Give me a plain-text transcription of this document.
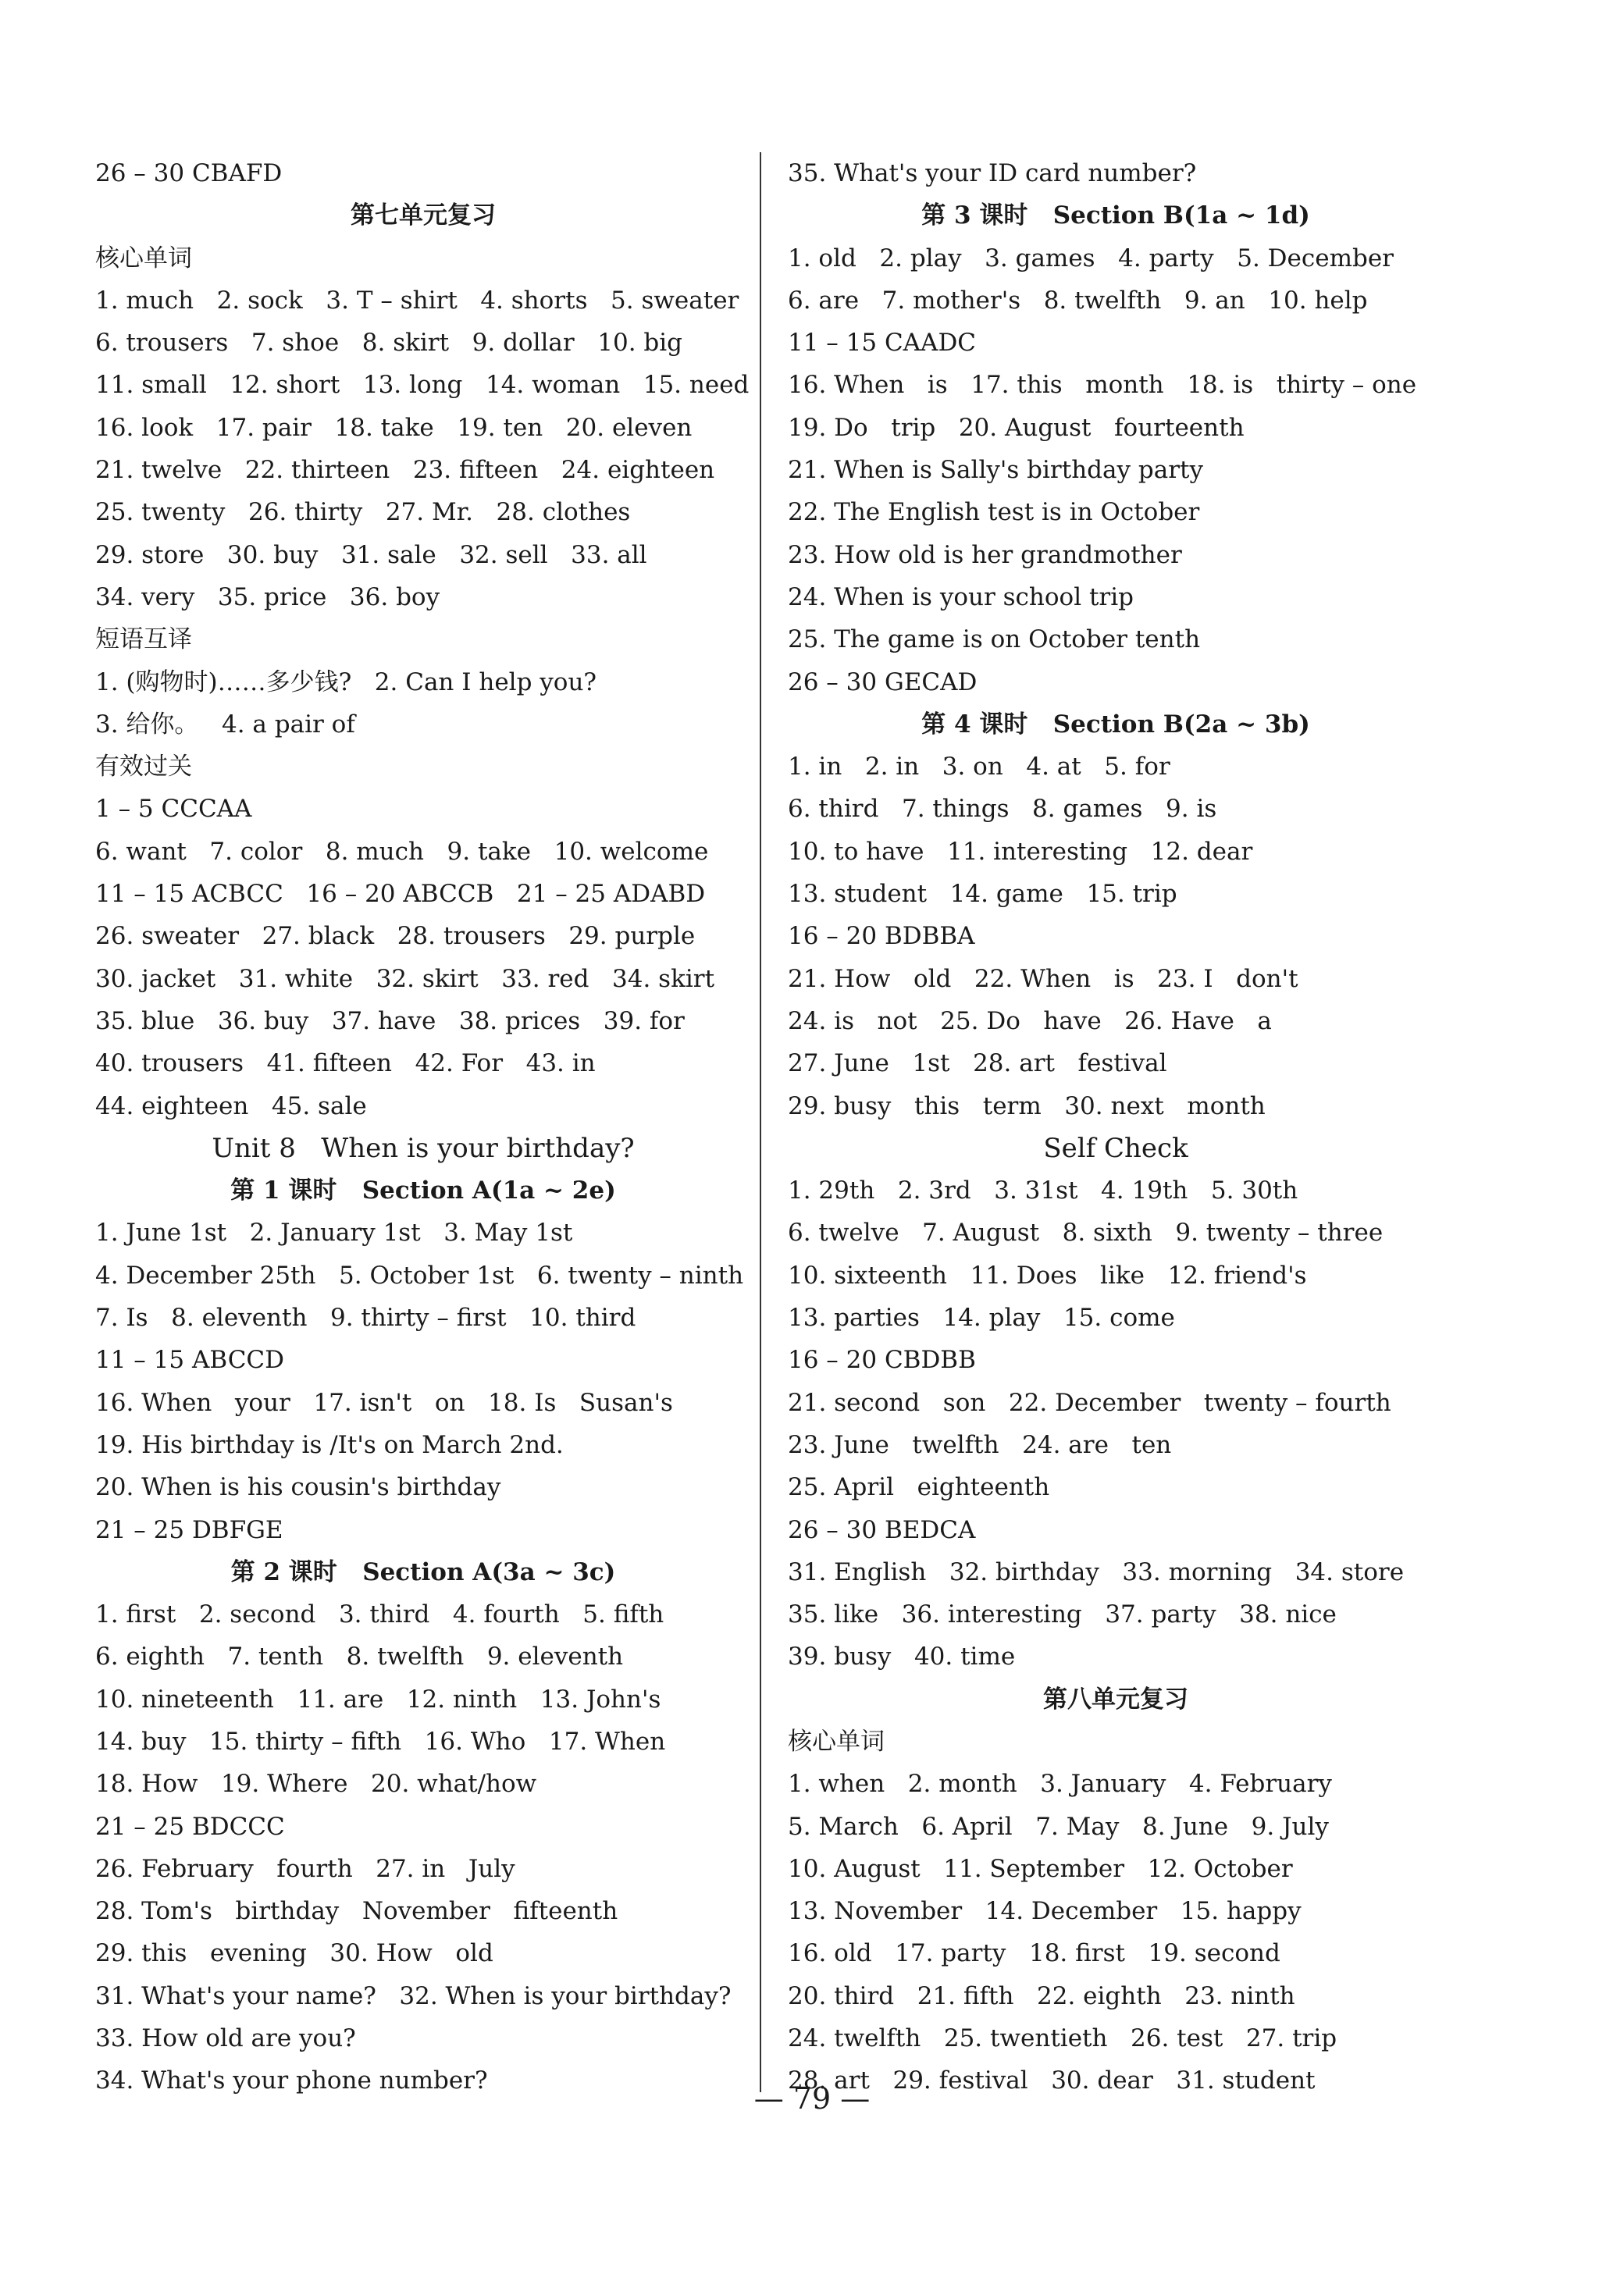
26 – 30 CBAFD
第七单元复习
核心单词
1. much   2. sock   3. T – shirt   4. shorts   5. sweater
6. trousers   7. shoe   8. skirt   9. dollar   10. big
11. small   12. short   13. long   14. woman   15. need
16. look   17. pair   18. take   19. ten   20. eleven
21. twelve   22. thirteen   23. fifteen   24. eighteen
25. twenty   26. thirty   27. Mr.   28. clothes
29. store   30. buy   31. sale   32. sell   33. all
34. very   35. price   36. boy
短语互译
1. (购物时)……多少钱?   2. Can I help you?
3. 给你。   4. a pair of
有效过关
1 – 5 CCCAA
6. want   7. color   8. much   9. take   10. welcome
11 – 15 ACBCC   16 – 20 ABCCB   21 – 25 ADABD
26. sweater   27. black   28. trousers   29. purple
30. jacket   31. white   32. skirt   33. red   34. skirt
35. blue   36. buy   37. have   38. prices   39. for
40. trousers   41. fifteen   42. For   43. in
44. eighteen   45. sale
Unit 8   When is your birthday?
第 1 课时   Section A(1a ~ 2e)
1. June 1st   2. January 1st   3. May 1st
4. December 25th   5. October 1st   6. twenty – ninth
7. Is   8. eleventh   9. thirty – first   10. third
11 – 15 ABCCD
16. When   your   17. isn't   on   18. Is   Susan's
19. His birthday is /It's on March 2nd.
20. When is his cousin's birthday
21 – 25 DBFGE
第 2 课时   Section A(3a ~ 3c)
1. first   2. second   3. third   4. fourth   5. fifth
6. eighth   7. tenth   8. twelfth   9. eleventh
10. nineteenth   11. are   12. ninth   13. John's
14. buy   15. thirty – fifth   16. Who   17. When
18. How   19. Where   20. what/how
21 – 25 BDCCC
26. February   fourth   27. in   July
28. Tom's   birthday   November   fifteenth
29. this   evening   30. How   old
31. What's your name?   32. When is your birthday?
33. How old are you?
34. What's your phone number?
35. What's your ID card number?
第 3 课时   Section B(1a ~ 1d)
1. old   2. play   3. games   4. party   5. December
6. are   7. mother's   8. twelfth   9. an   10. help
11 – 15 CAADC
16. When   is   17. this   month   18. is   thirty – one
19. Do   trip   20. August   fourteenth
21. When is Sally's birthday party
22. The English test is in October
23. How old is her grandmother
24. When is your school trip
25. The game is on October tenth
26 – 30 GECAD
第 4 课时   Section B(2a ~ 3b)
1. in   2. in   3. on   4. at   5. for
6. third   7. things   8. games   9. is
10. to have   11. interesting   12. dear
13. student   14. game   15. trip
16 – 20 BDBBA
21. How   old   22. When   is   23. I   don't
24. is   not   25. Do   have   26. Have   a
27. June   1st   28. art   festival
29. busy   this   term   30. next   month
Self Check
1. 29th   2. 3rd   3. 31st   4. 19th   5. 30th
6. twelve   7. August   8. sixth   9. twenty – three
10. sixteenth   11. Does   like   12. friend's
13. parties   14. play   15. come
16 – 20 CBDBB
21. second   son   22. December   twenty – fourth
23. June   twelfth   24. are   ten
25. April   eighteenth
26 – 30 BEDCA
31. English   32. birthday   33. morning   34. store
35. like   36. interesting   37. party   38. nice
39. busy   40. time
第八单元复习
核心单词
1. when   2. month   3. January   4. February
5. March   6. April   7. May   8. June   9. July
10. August   11. September   12. October
13. November   14. December   15. happy
16. old   17. party   18. first   19. second
20. third   21. fifth   22. eighth   23. ninth
24. twelfth   25. twentieth   26. test   27. trip
28. art   29. festival   30. dear   31. student
— 79 —
